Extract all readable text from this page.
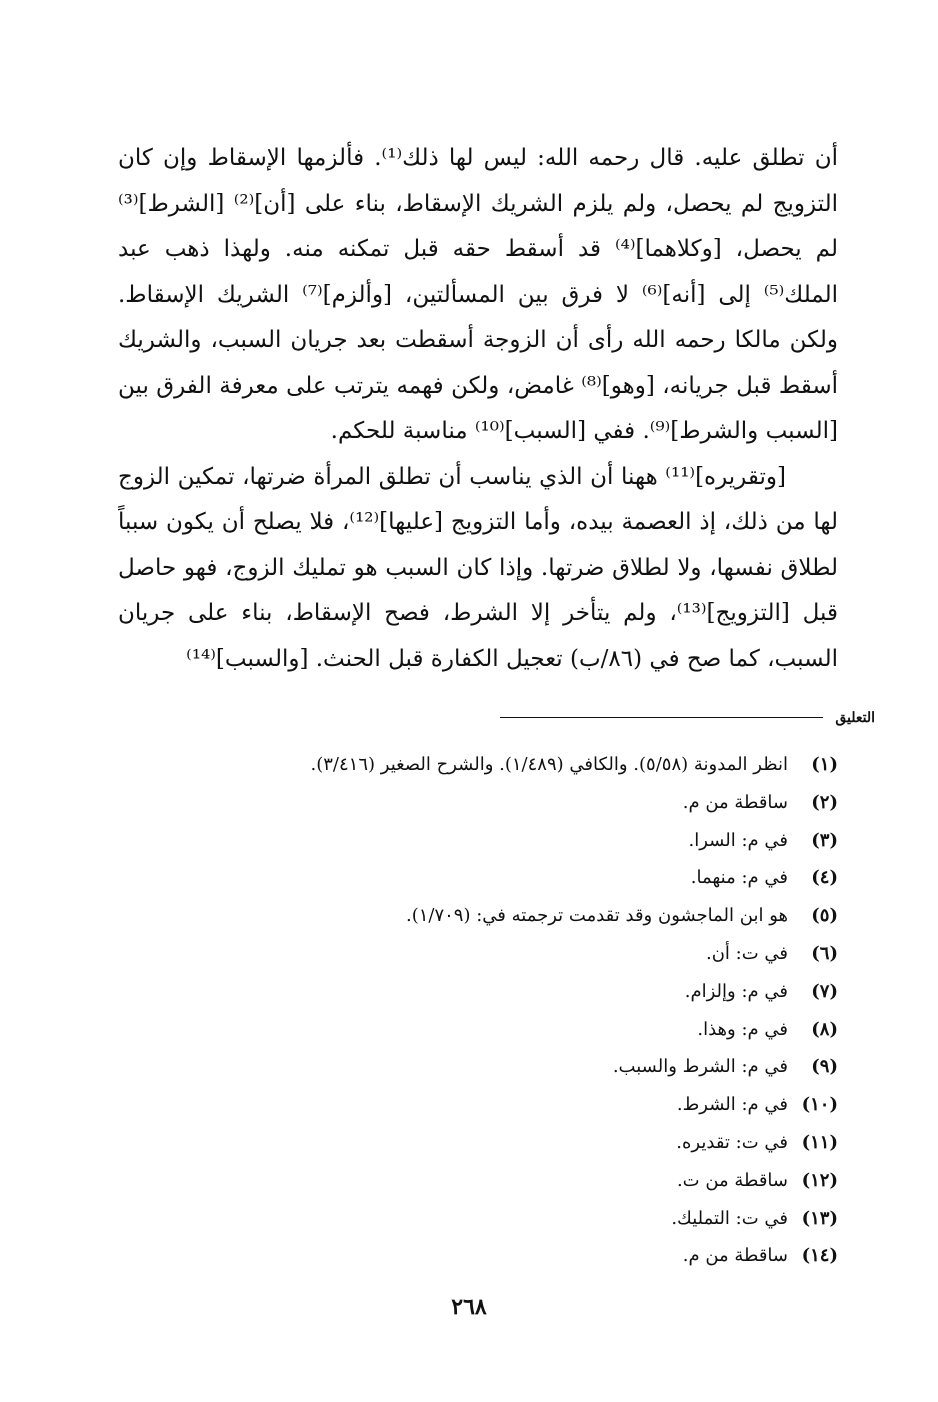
أن تطلق عليه. قال رحمه الله: ليس لها ذلك⁽¹⁾. فألزمها الإسقاط وإن كان التزويج لم يحصل، ولم يلزم الشريك الإسقاط، بناء على [أن]⁽²⁾ [الشرط]⁽³⁾ لم يحصل، [وكلاهما]⁽⁴⁾ قد أسقط حقه قبل تمكنه منه. ولهذا ذهب عبد الملك⁽⁵⁾ إلى [أنه]⁽⁶⁾ لا فرق بين المسألتين، [وألزم]⁽⁷⁾ الشريك الإسقاط. ولكن مالكا رحمه الله رأى أن الزوجة أسقطت بعد جريان السبب، والشريك أسقط قبل جريانه، [وهو]⁽⁸⁾ غامض، ولكن فهمه يترتب على معرفة الفرق بين [السبب والشرط]⁽⁹⁾. ففي [السبب]⁽¹⁰⁾ مناسبة للحكم.

[وتقريره]⁽¹¹⁾ ههنا أن الذي يناسب أن تطلق المرأة ضرتها، تمكين الزوج لها من ذلك، إذ العصمة بيده، وأما التزويج [عليها]⁽¹²⁾، فلا يصلح أن يكون سبباً لطلاق نفسها، ولا لطلاق ضرتها. وإذا كان السبب هو تمليك الزوج، فهو حاصل قبل [التزويج]⁽¹³⁾، ولم يتأخر إلا الشرط، فصح الإسقاط، بناء على جريان السبب، كما صح في (٨٦/ب) تعجيل الكفارة قبل الحنث. [والسبب]⁽¹⁴⁾

التعليق
(١)
انظر المدونة (٥/٥٨). والكافي (١/٤٨٩). والشرح الصغير (٣/٤١٦).
(٢)
ساقطة من م.
(٣)
في م: السرا.
(٤)
في م: منهما.
(٥)
هو ابن الماجشون وقد تقدمت ترجمته في: (١/٧٠٩).
(٦)
في ت: أن.
(٧)
في م: وإلزام.
(٨)
في م: وهذا.
(٩)
في م: الشرط والسبب.
(١٠)
في م: الشرط.
(١١)
في ت: تقديره.
(١٢)
ساقطة من ت.
(١٣)
في ت: التمليك.
(١٤)
ساقطة من م.
٢٦٨
